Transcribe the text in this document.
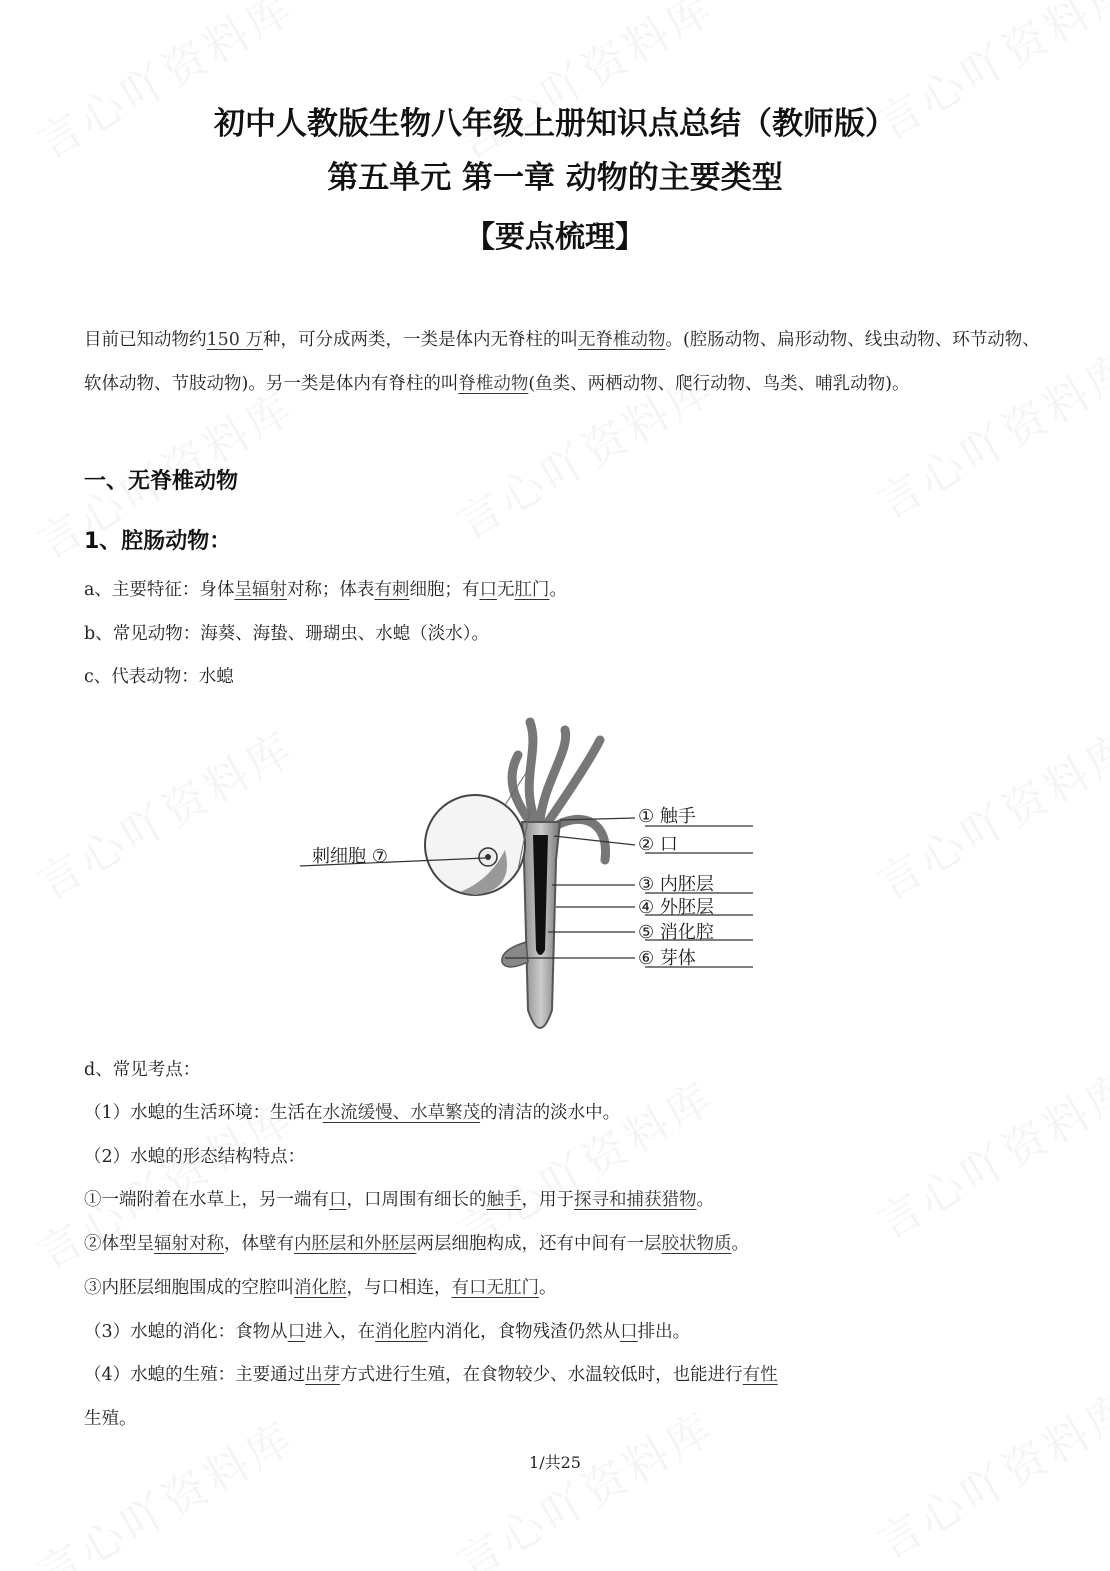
初中人教版生物八年级上册知识点总结（教师版）
第五单元 第一章 动物的主要类型
【要点梳理】
目前已知动物约150 万种，可分成两类，一类是体内无脊柱的叫无脊椎动物。(腔肠动物、扁形动物、线虫动物、环节动物、软体动物、节肢动物)。另一类是体内有脊柱的叫脊椎动物(鱼类、两栖动物、爬行动物、鸟类、哺乳动物)。
一、无脊椎动物
1、腔肠动物：
a、主要特征：身体呈辐射对称；体表有刺细胞；有口无肛门。
b、常见动物：海葵、海蛰、珊瑚虫、水螅（淡水）。
c、代表动物：水螅
① 触手
② 口
③ 内胚层
④ 外胚层
⑤ 消化腔
⑥ 芽体
刺细胞 ⑦
d、常见考点：
（1）水螅的生活环境：生活在水流缓慢、水草繁茂的清洁的淡水中。
（2）水螅的形态结构特点：
①一端附着在水草上，另一端有口，口周围有细长的触手，用于探寻和捕获猎物。
②体型呈辐射对称，体壁有内胚层和外胚层两层细胞构成，还有中间有一层胶状物质。
③内胚层细胞围成的空腔叫消化腔，与口相连，有口无肛门。
（3）水螅的消化：食物从口进入，在消化腔内消化，食物残渣仍然从口排出。
（4）水螅的生殖：主要通过出芽方式进行生殖，在食物较少、水温较低时，也能进行有性
生殖。
1/共25
